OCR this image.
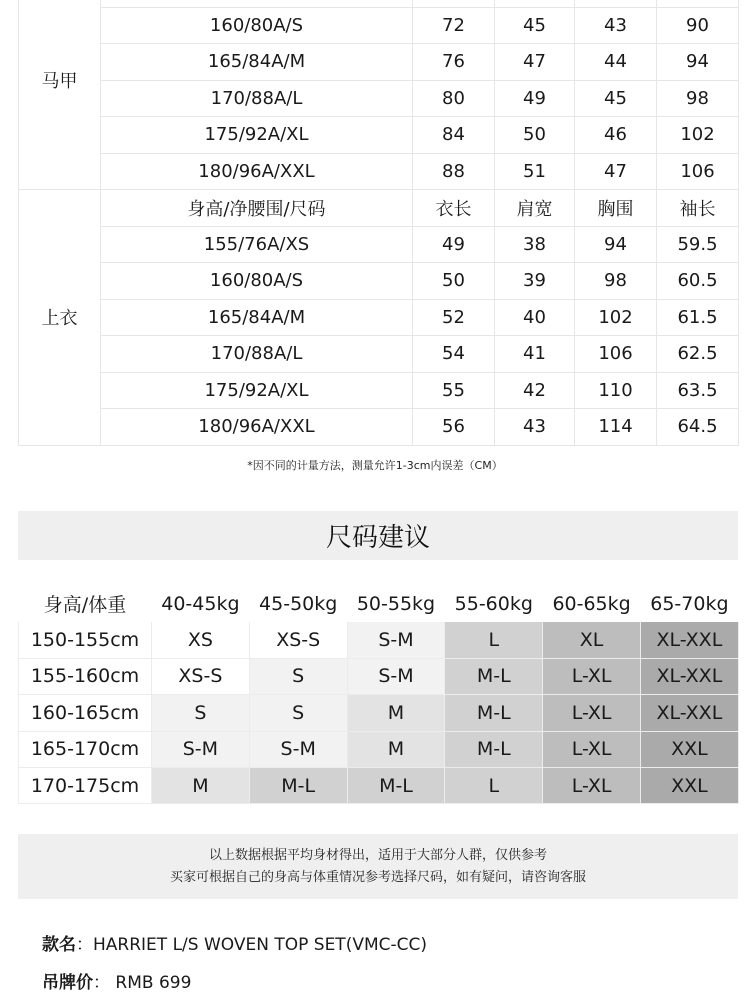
马甲					
	160/80A/S	72	45	43	90
	165/84A/M	76	47	44	94
	170/88A/L	80	49	45	98
	175/92A/XL	84	50	46	102
	180/96A/XXL	88	51	47	106
上衣	身高/净腰围/尺码	衣长	肩宽	胸围	袖长
	155/76A/XS	49	38	94	59.5
	160/80A/S	50	39	98	60.5
	165/84A/M	52	40	102	61.5
	170/88A/L	54	41	106	62.5
	175/92A/XL	55	42	110	63.5
	180/96A/XXL	56	43	114	64.5
*因不同的计量方法，测量允许1-3cm内误差（CM）
尺码建议
身高/体重	40-45kg	45-50kg	50-55kg	55-60kg	60-65kg	65-70kg
150-155cm	XS	XS-S	S-M	L	XL	XL-XXL
155-160cm	XS-S	S	S-M	M-L	L-XL	XL-XXL
160-165cm	S	S	M	M-L	L-XL	XL-XXL
165-170cm	S-M	S-M	M	M-L	L-XL	XXL
170-175cm	M	M-L	M-L	L	L-XL	XXL
以上数据根据平均身材得出，适用于大部分人群，仅供参考
买家可根据自己的身高与体重情况参考选择尺码，如有疑问，请咨询客服
款名：HARRIET L/S WOVEN TOP SET(VMC-CC)
吊牌价： RMB 699
